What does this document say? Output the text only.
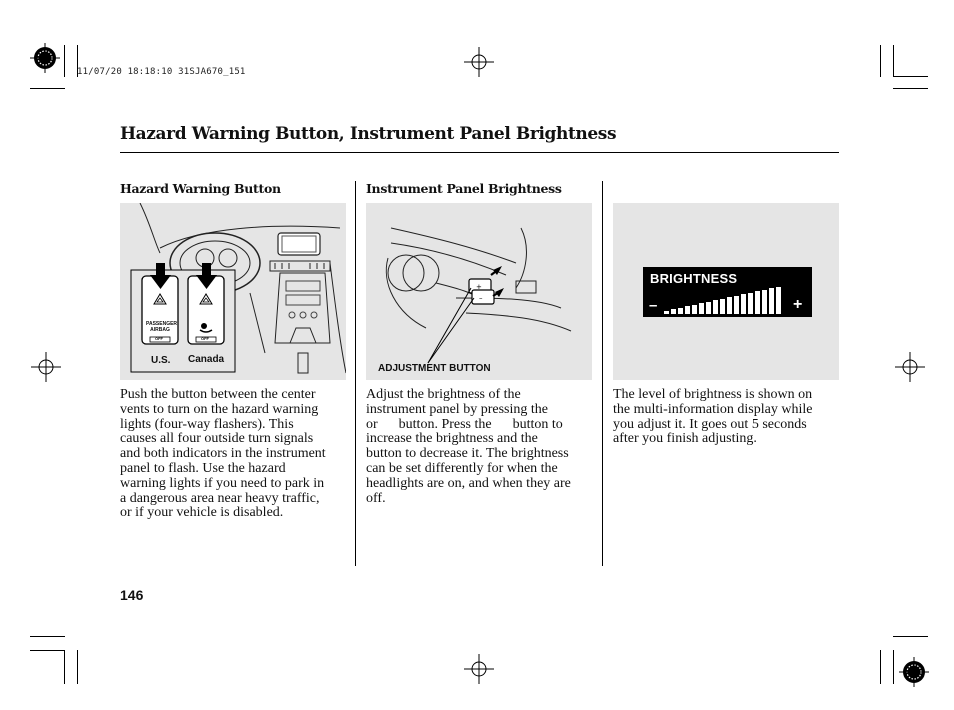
11/07/20 18:18:10 31SJA670_151
Hazard Warning Button, Instrument Panel Brightness
Hazard Warning Button
PASSENGER
AIRBAG
OFF	OFF
U.S. Canada
Push the button between the center
vents to turn on the hazard warning
lights (four-way flashers). This
causes all four outside turn signals
and both indicators in the instrument
panel to flash. Use the hazard
warning lights if you need to park in
a dangerous area near heavy traffic,
or if your vehicle is disabled.
Instrument Panel Brightness
+
–
ADJUSTMENT BUTTON
Adjust the brightness of the
instrument panel by pressing the
or      button. Press the      button to
increase the brightness and the
button to decrease it. The brightness
can be set differently for when the
headlights are on, and when they are
off.
BRIGHTNESS
–	+
The level of brightness is shown on
the multi-information display while
you adjust it. It goes out 5 seconds
after you finish adjusting.
146
